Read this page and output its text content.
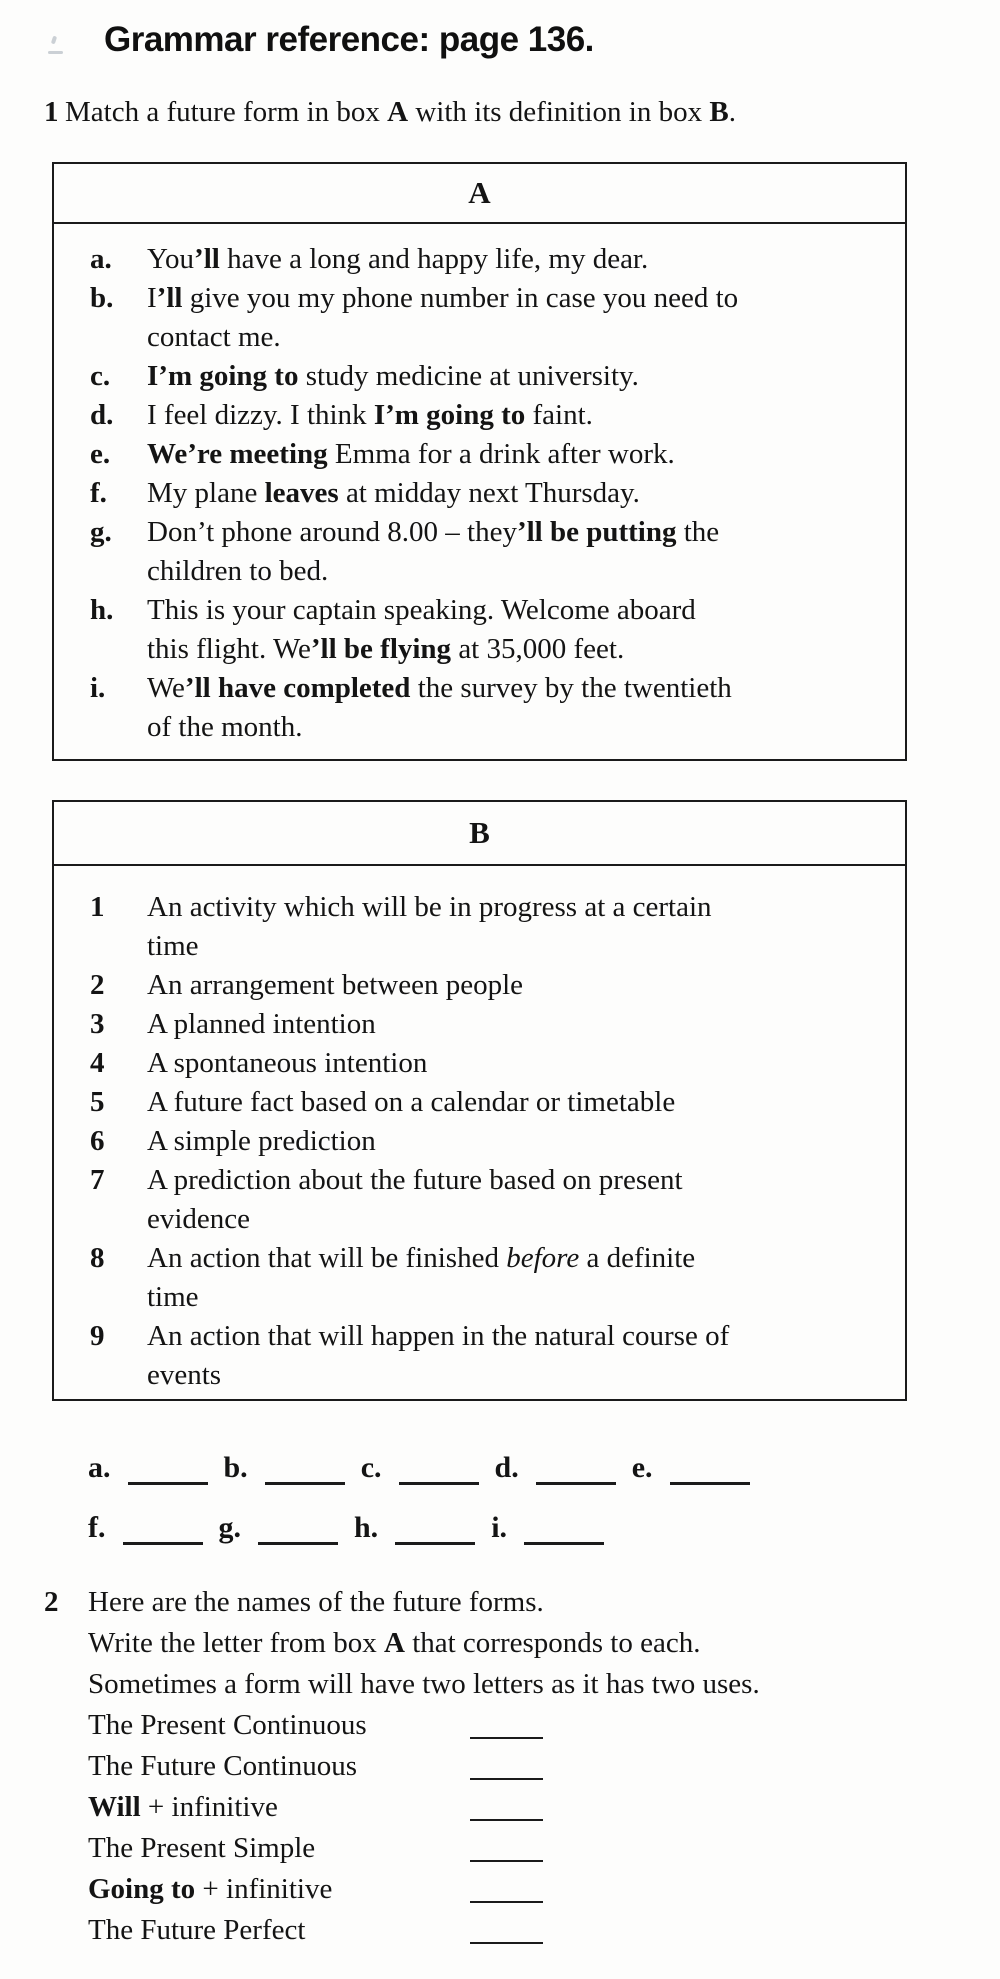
Grammar reference: page 136.
1 Match a future form in box A with its definition in box B.
A
a.	You’ll have a long and happy life, my dear.
b.	I’ll give you my phone number in case you need to
contact me.
c.	I’m going to study medicine at university.
d.	I feel dizzy. I think I’m going to faint.
e.	We’re meeting Emma for a drink after work.
f.	My plane leaves at midday next Thursday.
g.	Don’t phone around 8.00 – they’ll be putting the
children to bed.
h.	This is your captain speaking. Welcome aboard
this flight. We’ll be flying at 35,000 feet.
i.	We’ll have completed the survey by the twentieth
of the month.
B
1	An activity which will be in progress at a certain
time
2	An arrangement between people
3	A planned intention
4	A spontaneous intention
5	A future fact based on a calendar or timetable
6	A simple prediction
7	A prediction about the future based on present
evidence
8	An action that will be finished before a definite
time
9	An action that will happen in the natural course of
events
a.	b.	c.	d.	e.
f.	g.	h.	i.
2	Here are the names of the future forms.
Write the letter from box A that corresponds to each.
Sometimes a form will have two letters as it has two uses.
The Present Continuous
The Future Continuous
Will + infinitive
The Present Simple
Going to + infinitive
The Future Perfect
